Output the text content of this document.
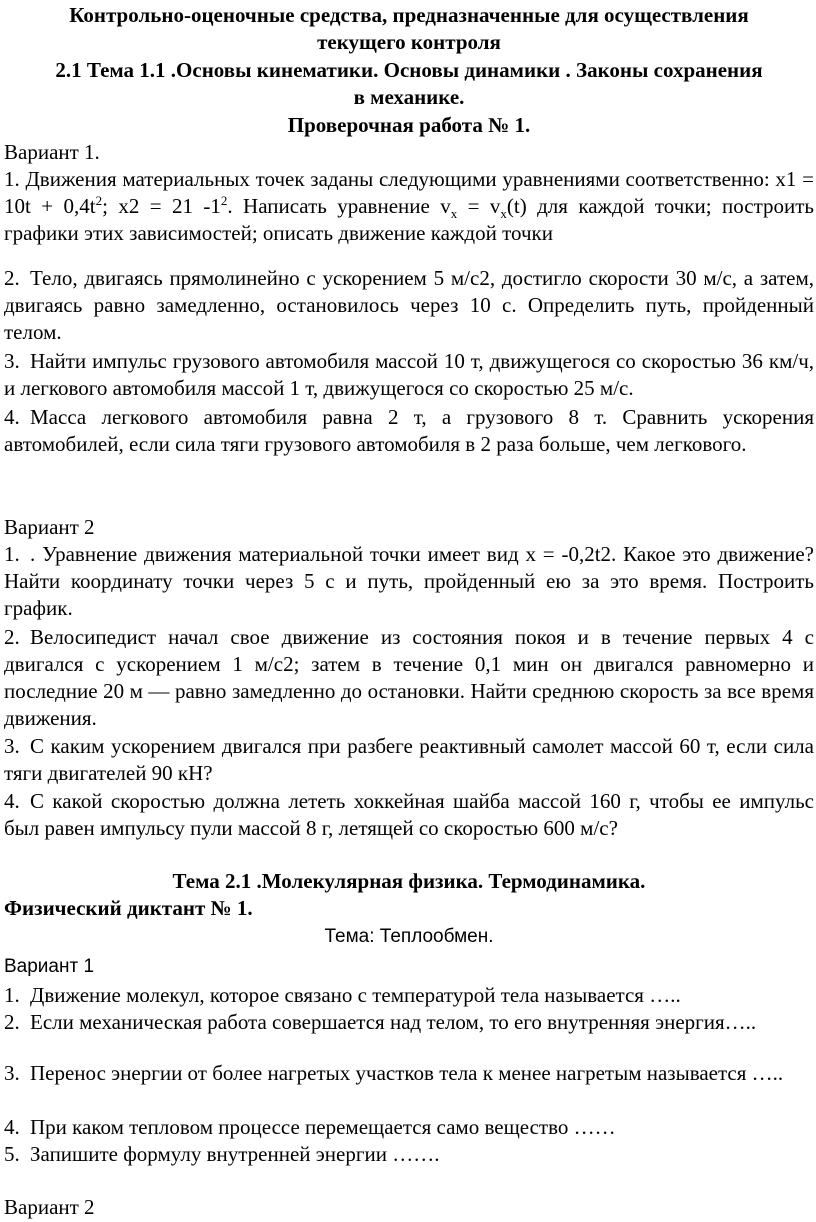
Контрольно-оценочные средства, предназначенные для осуществления
текущего контроля
2.1 Тема 1.1 .Основы кинематики. Основы динамики . Законы сохранения
в механике.
Проверочная работа № 1.
Вариант 1.
1. Движения материальных точек заданы следующими уравнениями соответственно: $x1 = 10t + 0,4t^2$; x2 = 21 $-1^2$. Написать уравнение $v_x = v_x(t)$ для каждой точки; построить графики этих зависимостей; описать движение каждой точки
2. Тело, двигаясь прямолинейно с ускорением 5 м/с2, достигло скорости 30 м/с, а затем, двигаясь равно замедленно, остановилось через 10 с. Определить путь, пройденный телом.
3. Найти импульс грузового автомобиля массой 10 т, движущегося со скоростью 36 км/ч, и легкового автомобиля массой 1 т, движущегося со скоростью 25 м/с.
4. Масса легкового автомобиля равна 2 т, а грузового 8 т. Сравнить ускорения автомобилей, если сила тяги грузового автомобиля в 2 раза больше, чем легкового.
Вариант 2
1. . Уравнение движения материальной точки имеет вид x = -0,2t2. Какое это движение? Найти координату точки через 5 с и путь, пройденный ею за это время. Построить график.
2. Велосипедист начал свое движение из состояния покоя и в течение первых 4 с двигался с ускорением 1 м/с2; затем в течение 0,1 мин он двигался равномерно и последние 20 м — равно замедленно до остановки. Найти среднюю скорость за все время движения.
3. С каким ускорением двигался при разбеге реактивный самолет массой 60 т, если сила тяги двигателей 90 кН?
4. С какой скоростью должна лететь хоккейная шайба массой 160 г, чтобы ее импульс был равен импульсу пули массой 8 г, летящей со скоростью 600 м/с?
Тема 2.1 .Молекулярная физика. Термодинамика.
Физический диктант № 1.
Тема: Теплообмен.
Вариант 1
1. Движение молекул, которое связано с температурой тела называется …..
2. Если механическая работа совершается над телом, то его внутренняя энергия…..
3. Перенос энергии от более нагретых участков тела к менее нагретым называется …..
4. При каком тепловом процессе перемещается само вещество ……
5. Запишите формулу внутренней энергии …….
Вариант 2
